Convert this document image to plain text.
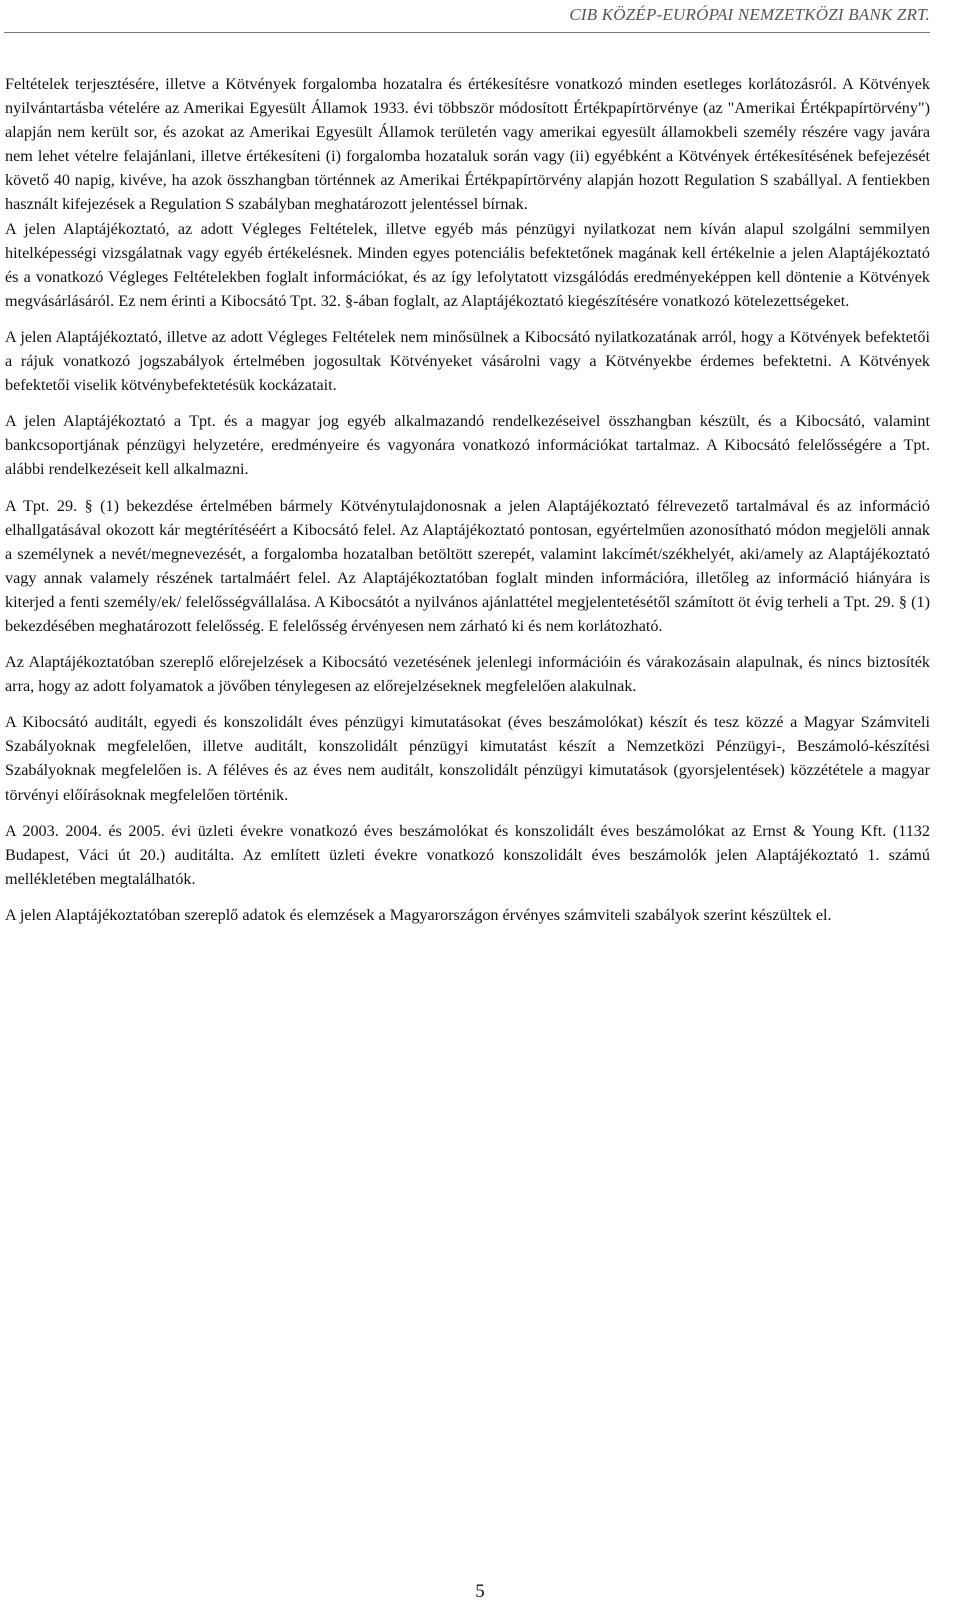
CIB KÖZÉP-EURÓPAI NEMZETKÖZI BANK ZRT.

Feltételek terjesztésére, illetve a Kötvények forgalomba hozatalra és értékesítésre vonatkozó minden esetleges korlátozásról. A Kötvények nyilvántartásba vételére az Amerikai Egyesült Államok 1933. évi többször módosított Értékpapírtörvénye (az "Amerikai Értékpapírtörvény") alapján nem került sor, és azokat az Amerikai Egyesült Államok területén vagy amerikai egyesült államokbeli személy részére vagy javára nem lehet vételre felajánlani, illetve értékesíteni (i) forgalomba hozataluk során vagy (ii) egyébként a Kötvények értékesítésének befejezését követő 40 napig, kivéve, ha azok összhangban történnek az Amerikai Értékpapírtörvény alapján hozott Regulation S szabállyal. A fentiekben használt kifejezések a Regulation S szabályban meghatározott jelentéssel bírnak.

A jelen Alaptájékoztató, az adott Végleges Feltételek, illetve egyéb más pénzügyi nyilatkozat nem kíván alapul szolgálni semmilyen hitelképességi vizsgálatnak vagy egyéb értékelésnek. Minden egyes potenciális befektetőnek magának kell értékelnie a jelen Alaptájékoztató és a vonatkozó Végleges Feltételekben foglalt információkat, és az így lefolytatott vizsgálódás eredményeképpen kell döntenie a Kötvények megvásárlásáról. Ez nem érinti a Kibocsátó Tpt. 32. §-ában foglalt, az Alaptájékoztató kiegészítésére vonatkozó kötelezettségeket.

A jelen Alaptájékoztató, illetve az adott Végleges Feltételek nem minősülnek a Kibocsátó nyilatkozatának arról, hogy a Kötvények befektetői a rájuk vonatkozó jogszabályok értelmében jogosultak Kötvényeket vásárolni vagy a Kötvényekbe érdemes befektetni. A Kötvények befektetői viselik kötvénybefektetésük kockázatait.

A jelen Alaptájékoztató a Tpt. és a magyar jog egyéb alkalmazandó rendelkezéseivel összhangban készült, és a Kibocsátó, valamint bankcsoportjának pénzügyi helyzetére, eredményeire és vagyonára vonatkozó információkat tartalmaz. A Kibocsátó felelősségére a Tpt. alábbi rendelkezéseit kell alkalmazni.

A Tpt. 29. § (1) bekezdése értelmében bármely Kötvénytulajdonosnak a jelen Alaptájékoztató félrevezető tartalmával és az információ elhallgatásával okozott kár megtérítéséért a Kibocsátó felel. Az Alaptájékoztató pontosan, egyértelműen azonosítható módon megjelöli annak a személynek a nevét/megnevezését, a forgalomba hozatalban betöltött szerepét, valamint lakcímét/székhelyét, aki/amely az Alaptájékoztató vagy annak valamely részének tartalmáért felel. Az Alaptájékoztatóban foglalt minden információra, illetőleg az információ hiányára is kiterjed a fenti személy/ek/ felelősségvállalása. A Kibocsátót a nyilvános ajánlattétel megjelentetésétől számított öt évig terheli a Tpt. 29. § (1) bekezdésében meghatározott felelősség. E felelősség érvényesen nem zárható ki és nem korlátozható.

Az Alaptájékoztatóban szereplő előrejelzések a Kibocsátó vezetésének jelenlegi információin és várakozásain alapulnak, és nincs biztosíték arra, hogy az adott folyamatok a jövőben ténylegesen az előrejelzéseknek megfelelően alakulnak.

A Kibocsátó auditált, egyedi és konszolidált éves pénzügyi kimutatásokat (éves beszámolókat) készít és tesz közzé a Magyar Számviteli Szabályoknak megfelelően, illetve auditált, konszolidált pénzügyi kimutatást készít a Nemzetközi Pénzügyi-, Beszámoló-készítési Szabályoknak megfelelően is. A féléves és az éves nem auditált, konszolidált pénzügyi kimutatások (gyorsjelentések) közzététele a magyar törvényi előírásoknak megfelelően történik.

A 2003. 2004. és 2005. évi üzleti évekre vonatkozó éves beszámolókat és konszolidált éves beszámolókat az Ernst & Young Kft. (1132 Budapest, Váci út 20.) auditálta. Az említett üzleti évekre vonatkozó konszolidált éves beszámolók jelen Alaptájékoztató 1. számú mellékletében megtalálhatók.

A jelen Alaptájékoztatóban szereplő adatok és elemzések a Magyarországon érvényes számviteli szabályok szerint készültek el.

5
